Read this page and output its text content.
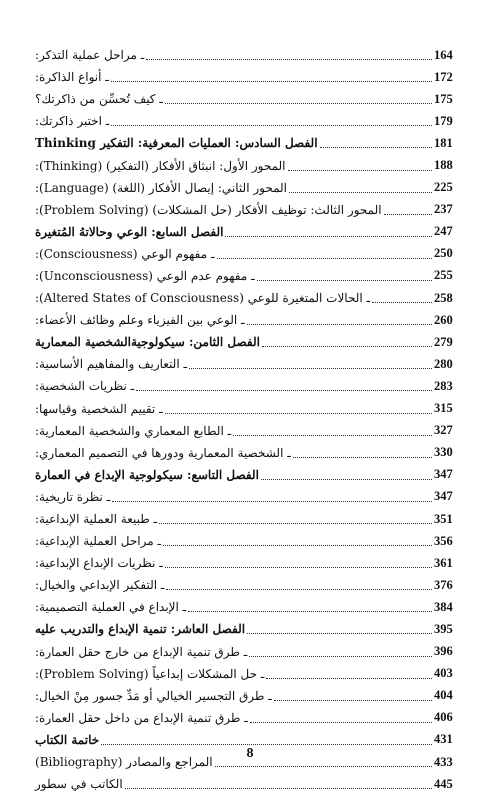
ـ مراحل عملية التذكر:	164
ـ أنواع الذاكرة:	172
ـ كيف تُحسِّن من ذاكرتك؟	175
ـ اختبر ذاكرتك:	179
الفصل السادس: العمليات المعرفية: التفكير Thinking	181
المحور الأول: انبثاق الأفكار (التفكير) (Thinking):	188
المحور الثاني: إيصال الأفكار (اللغة) (Language):	225
المحور الثالث: توظيف الأفكار (حل المشكلات) (Problem Solving):	237
الفصل السابع: الوعي وحالاتهُ المُتغيرة	247
ـ مفهوم الوعي (Consciousness):	250
ـ مفهوم عدم الوعي (Unconsciousness):	255
ـ الحالات المتغيرة للوعي (Altered States of Consciousness):	258
ـ الوعي بين الفيزياء وعلم وظائف الأعضاء:	260
الفصل الثامن: سيكولوجيةالشخصية المعمارية	279
ـ التعاريف والمفاهيم الأساسية:	280
ـ نظريات الشخصية:	283
ـ تقييم الشخصية وقياسها:	315
ـ الطابع المعماري والشخصية المعمارية:	327
ـ الشخصية المعمارية ودورها في التصميم المعماري:	330
الفصل التاسع: سيكولوجية الإبداع في العمارة	347
ـ نظرة تاريخية:	347
ـ طبيعة العملية الإبداعية:	351
ـ مراحل العملية الإبداعية:	356
ـ نظريات الإبداع الإبداعية:	361
ـ التفكير الإبداعي والخيال:	376
ـ الإبداع في العملية التصميمية:	384
الفصل العاشر: تنمية الإبداع والتدريب عليه	395
ـ طرق تنمية الإبداع من خارج حقل العمارة:	396
ـ حل المشكلات إبداعياً (Problem Solving):	403
ـ طرق التجسير الخيالي أو مَدِّ جسور مِنْ الخيال:	404
ـ طرق تنمية الإبداع من داخل حقل العمارة:	406
خاتمة الكتاب	431
المراجع والمصادر (Bibliography)	433
الكاتب في سطور	445
8
